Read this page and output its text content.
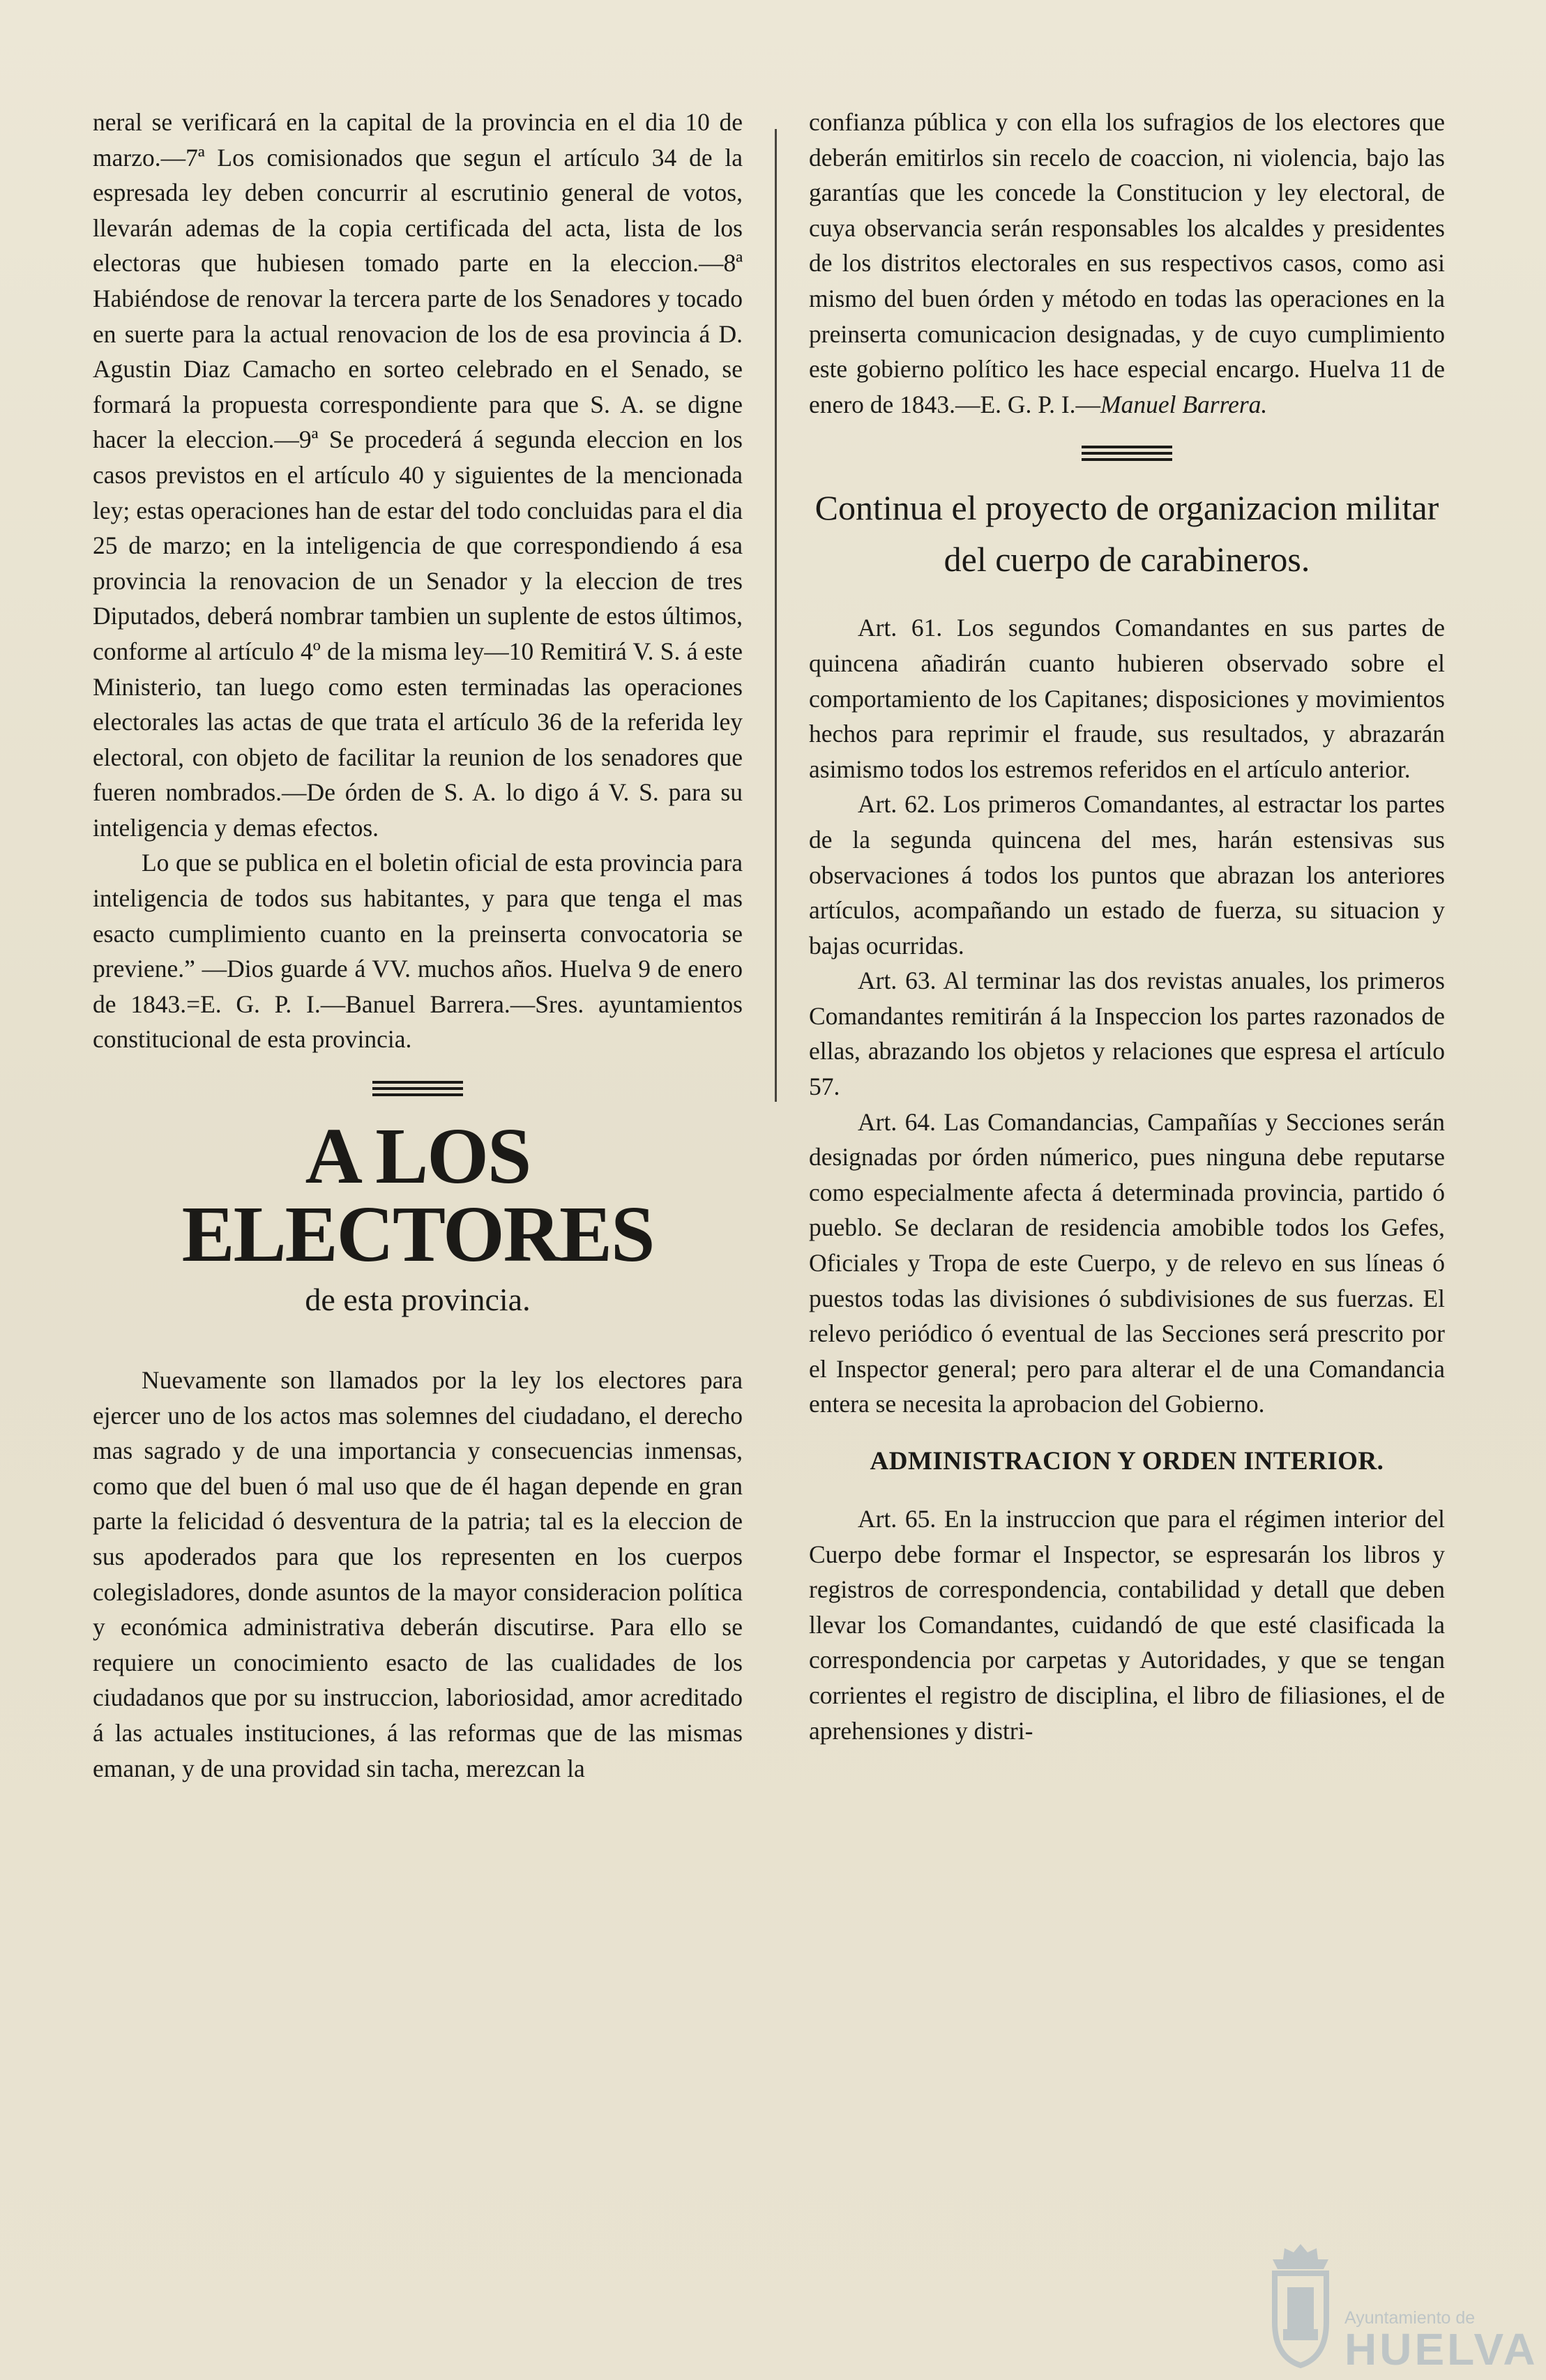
neral se verificará en la capital de la provincia en el dia 10 de marzo.—7ª Los comisionados que segun el artículo 34 de la espresada ley deben concurrir al escrutinio general de votos, llevarán ademas de la copia certificada del acta, lista de los electoras que hubiesen tomado parte en la eleccion.—8ª Habiéndose de renovar la tercera parte de los Senadores y tocado en suerte para la actual renovacion de los de esa provincia á D. Agustin Diaz Camacho en sorteo celebrado en el Senado, se formará la propuesta correspondiente para que S. A. se digne hacer la eleccion.—9ª Se procederá á segunda eleccion en los casos previstos en el artículo 40 y siguientes de la mencionada ley; estas operaciones han de estar del todo concluidas para el dia 25 de marzo; en la inteligencia de que correspondiendo á esa provincia la renovacion de un Senador y la eleccion de tres Diputados, deberá nombrar tambien un suplente de estos últimos, conforme al artículo 4º de la misma ley—10 Remitirá V. S. á este Ministerio, tan luego como esten terminadas las operaciones electorales las actas de que trata el artículo 36 de la referida ley electoral, con objeto de facilitar la reunion de los senadores que fueren nombrados.—De órden de S. A. lo digo á V. S. para su inteligencia y demas efectos.

Lo que se publica en el boletin oficial de esta provincia para inteligencia de todos sus habitantes, y para que tenga el mas esacto cumplimiento cuanto en la preinserta convocatoria se previene.” —Dios guarde á VV. muchos años. Huelva 9 de enero de 1843.=E. G. P. I.—Banuel Barrera.—Sres. ayuntamientos constitucional de esta provincia.

A LOS ELECTORES
de esta provincia.

Nuevamente son llamados por la ley los electores para ejercer uno de los actos mas solemnes del ciudadano, el derecho mas sagrado y de una importancia y consecuencias inmensas, como que del buen ó mal uso que de él hagan depende en gran parte la felicidad ó desventura de la patria; tal es la eleccion de sus apoderados para que los representen en los cuerpos colegisladores, donde asuntos de la mayor consideracion política y económica administrativa deberán discutirse. Para ello se requiere un conocimiento esacto de las cualidades de los ciudadanos que por su instruccion, laboriosidad, amor acreditado á las actuales instituciones, á las reformas que de las mismas emanan, y de una providad sin tacha, merezcan la

confianza pública y con ella los sufragios de los electores que deberán emitirlos sin recelo de coaccion, ni violencia, bajo las garantías que les concede la Constitucion y ley electoral, de cuya observancia serán responsables los alcaldes y presidentes de los distritos electorales en sus respectivos casos, como asi mismo del buen órden y método en todas las operaciones en la preinserta comunicacion designadas, y de cuyo cumplimiento este gobierno político les hace especial encargo. Huelva 11 de enero de 1843.—E. G. P. I.—Manuel Barrera.

Continua el proyecto de organizacion militar del cuerpo de carabineros.

Art. 61. Los segundos Comandantes en sus partes de quincena añadirán cuanto hubieren observado sobre el comportamiento de los Capitanes; disposiciones y movimientos hechos para reprimir el fraude, sus resultados, y abrazarán asimismo todos los estremos referidos en el artículo anterior.

Art. 62. Los primeros Comandantes, al estractar los partes de la segunda quincena del mes, harán estensivas sus observaciones á todos los puntos que abrazan los anteriores artículos, acompañando un estado de fuerza, su situacion y bajas ocurridas.

Art. 63. Al terminar las dos revistas anuales, los primeros Comandantes remitirán á la Inspeccion los partes razonados de ellas, abrazando los objetos y relaciones que espresa el artículo 57.

Art. 64. Las Comandancias, Campañías y Secciones serán designadas por órden númerico, pues ninguna debe reputarse como especialmente afecta á determinada provincia, partido ó pueblo. Se declaran de residencia amobible todos los Gefes, Oficiales y Tropa de este Cuerpo, y de relevo en sus líneas ó puestos todas las divisiones ó subdivisiones de sus fuerzas. El relevo periódico ó eventual de las Secciones será prescrito por el Inspector general; pero para alterar el de una Comandancia entera se necesita la aprobacion del Gobierno.

ADMINISTRACION Y ORDEN INTERIOR.

Art. 65. En la instruccion que para el régimen interior del Cuerpo debe formar el Inspector, se espresarán los libros y registros de correspondencia, contabilidad y detall que deben llevar los Comandantes, cuidandó de que esté clasificada la correspondencia por carpetas y Autoridades, y que se tengan corrientes el registro de disciplina, el libro de filiasiones, el de aprehensiones y distri-

Ayuntamiento de
HUELVA
